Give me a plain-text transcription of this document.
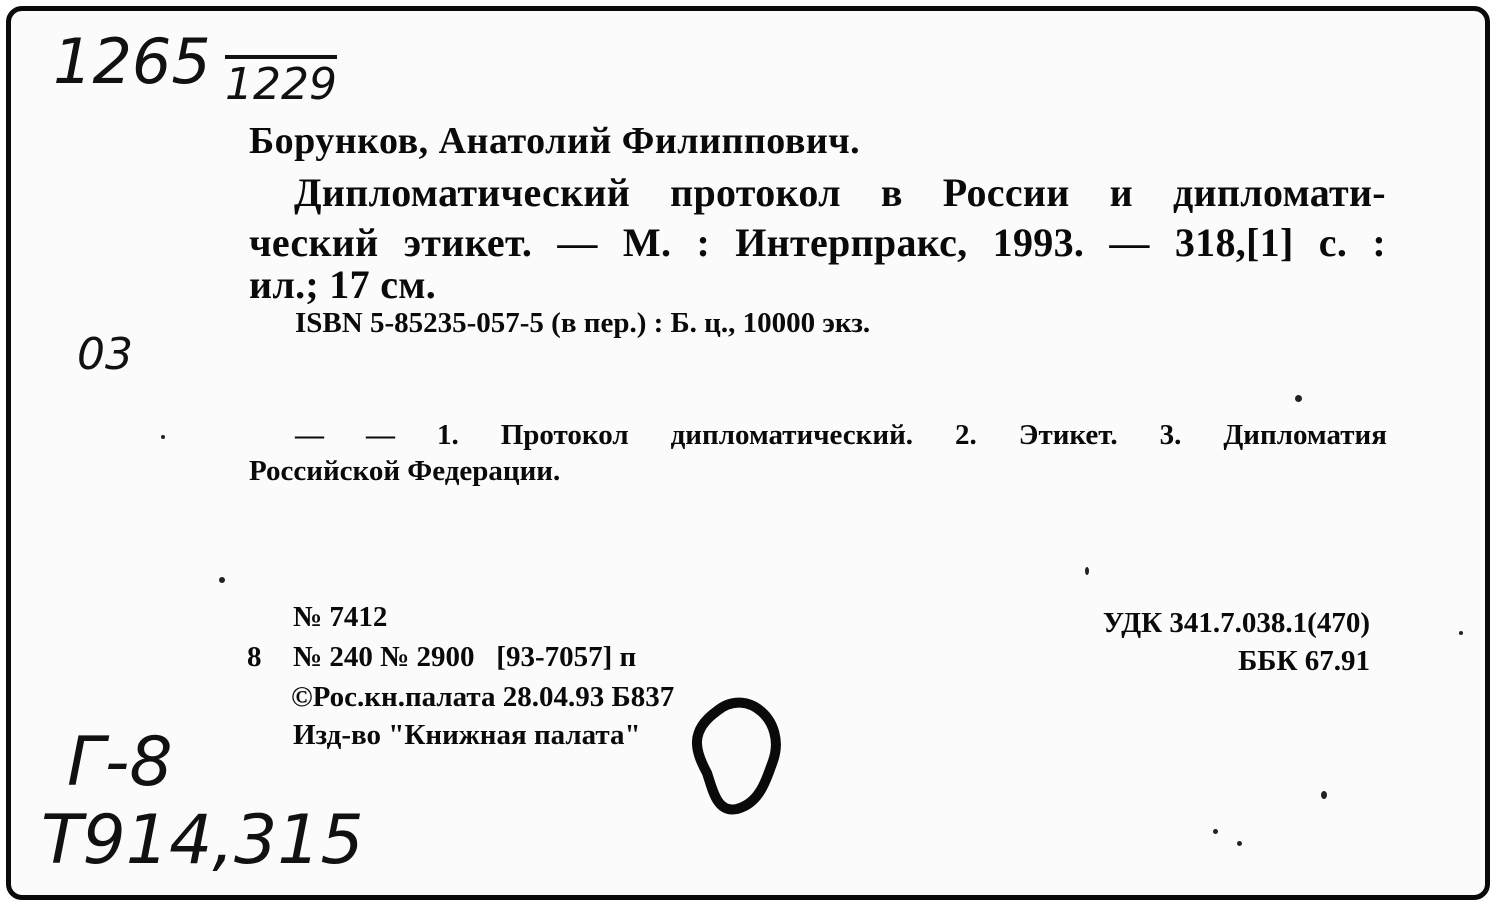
1265 1229
03
Г-8
Т914,315
Борунков, Анатолий Филиппович.
Дипломатический протокол в России и дипломати-
ческий этикет. — М. : Интерпракс, 1993. — 318,[1] с. :
ил.; 17 см.
ISBN 5-85235-057-5 (в пер.) : Б. ц., 10000 экз.
— — 1. Протокол дипломатический. 2. Этикет. 3. Дипломатия
Российской Федерации.
№ 7412
8 № 240 № 2900   [93-7057] п
©Рос.кн.палата 28.04.93 Б837
Изд-во "Книжная палата"
УДК 341.7.038.1(470)
ББК 67.91
